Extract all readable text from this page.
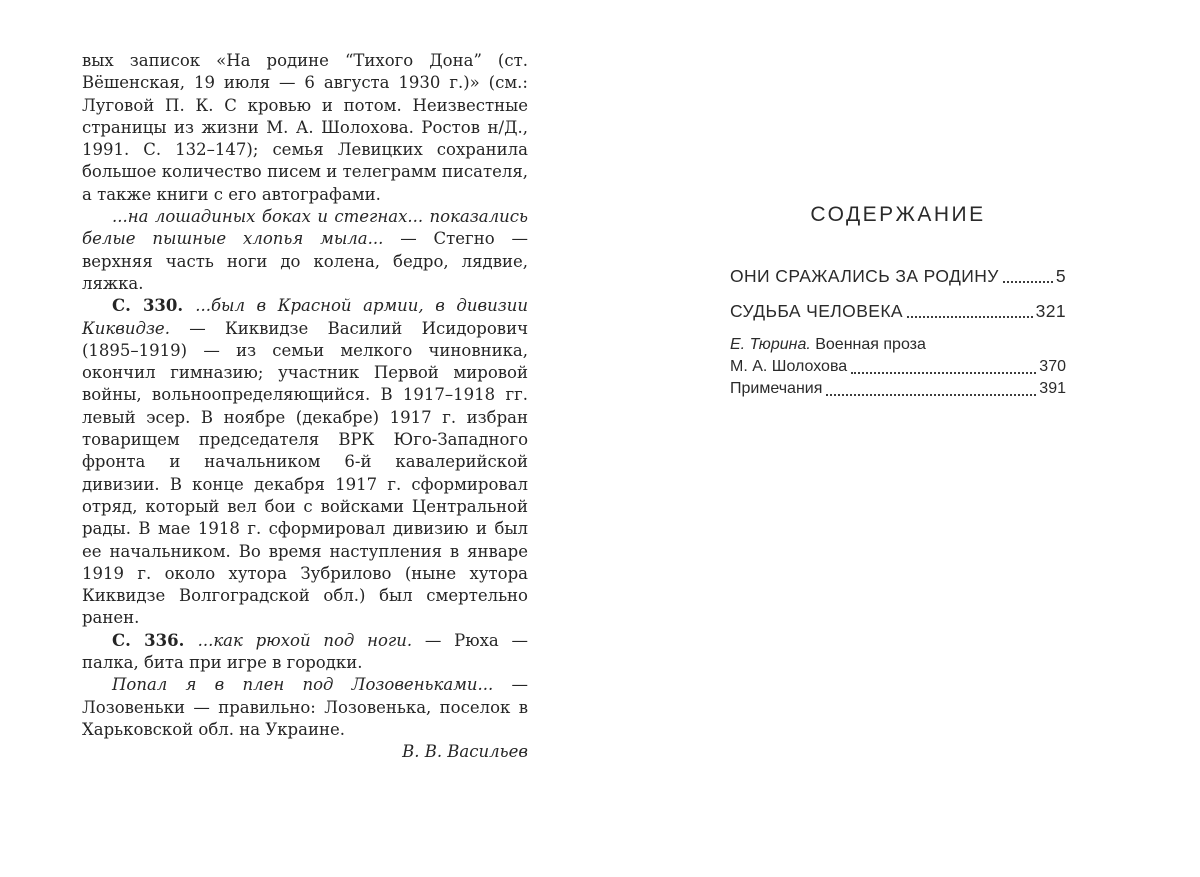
вых записок «На родине “Тихого Дона” (ст. Вёшенская, 19 июля — 6 августа 1930 г.)» (см.: Луговой П. К. С кровью и потом. Неизвестные страницы из жизни М. А. Шолохова. Ростов н/Д., 1991. С. 132–147); семья Левицких сохранила большое количество писем и телеграмм писателя, а также книги с его автографами.

...на лошадиных боках и стегнах... показались белые пышные хлопья мыла... — Стегно — верхняя часть ноги до колена, бедро, лядвие, ляжка.

С. 330. ...был в Красной армии, в дивизии Киквидзе. — Киквидзе Василий Исидорович (1895–1919) — из семьи мелкого чиновника, окончил гимназию; участник Первой мировой войны, вольноопределяющийся. В 1917–1918 гг. левый эсер. В ноябре (декабре) 1917 г. избран товарищем председателя ВРК Юго-Западного фронта и начальником 6-й кавалерийской дивизии. В конце декабря 1917 г. сформировал отряд, который вел бои с войсками Центральной рады. В мае 1918 г. сформировал дивизию и был ее начальником. Во время наступления в январе 1919 г. около хутора Зубрилово (ныне хутора Киквидзе Волгоградской обл.) был смертельно ранен.

С. 336. ...как рюхой под ноги. — Рюха — палка, бита при игре в городки.

Попал я в плен под Лозовеньками... — Лозовеньки — правильно: Лозовенька, поселок в Харьковской обл. на Украине.

В. В. Васильев

СОДЕРЖАНИЕ
ОНИ СРАЖАЛИСЬ ЗА РОДИНУ	5
СУДЬБА ЧЕЛОВЕКА	321
Е. Тюрина. Военная проза
М. А. Шолохова	370
Примечания	391
